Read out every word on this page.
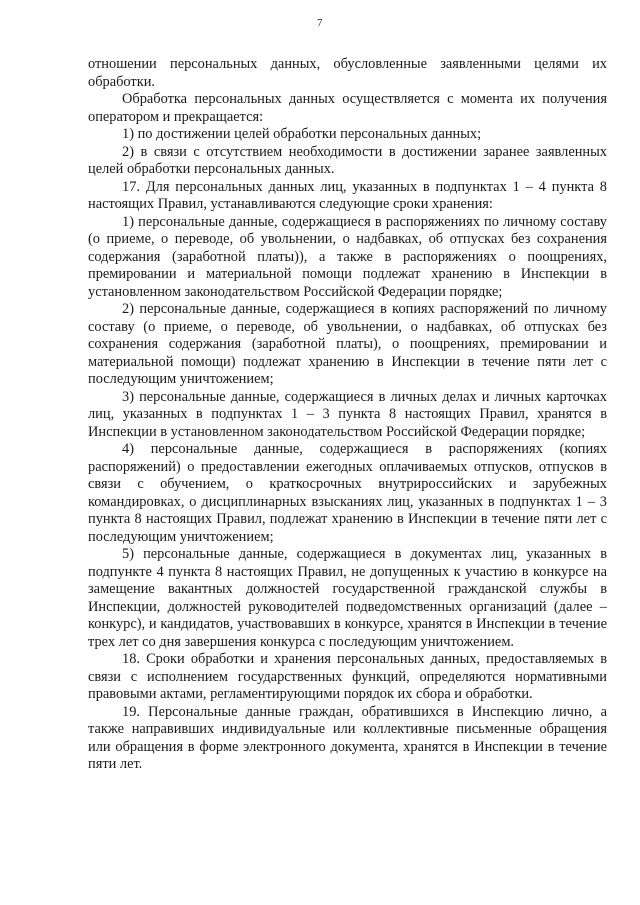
7

отношении персональных данных, обусловленные заявленными целями их обработки.

Обработка персональных данных осуществляется с момента их получения оператором и прекращается:

1) по достижении целей обработки персональных данных;

2) в связи с отсутствием необходимости в достижении заранее заявленных целей обработки персональных данных.

17. Для персональных данных лиц, указанных в подпунктах 1 – 4 пункта 8 настоящих Правил, устанавливаются следующие сроки хранения:

1) персональные данные, содержащиеся в распоряжениях по личному составу (о приеме, о переводе, об увольнении, о надбавках, об отпусках без сохранения содержания (заработной платы)), а также в распоряжениях о поощрениях, премировании и материальной помощи подлежат хранению в Инспекции в установленном законодательством Российской Федерации порядке;

2) персональные данные, содержащиеся в копиях распоряжений по личному составу (о приеме, о переводе, об увольнении, о надбавках, об отпусках без сохранения содержания (заработной платы), о поощрениях, премировании и материальной помощи) подлежат хранению в Инспекции в течение пяти лет с последующим уничтожением;

3) персональные данные, содержащиеся в личных делах и личных карточках лиц, указанных в подпунктах 1 – 3 пункта 8 настоящих Правил, хранятся в Инспекции в установленном законодательством Российской Федерации порядке;

4) персональные данные, содержащиеся в распоряжениях (копиях распоряжений) о предоставлении ежегодных оплачиваемых отпусков, отпусков в связи с обучением, о краткосрочных внутрироссийских и зарубежных командировках, о дисциплинарных взысканиях лиц, указанных в подпунктах 1 – 3 пункта 8 настоящих Правил, подлежат хранению в Инспекции в течение пяти лет с последующим уничтожением;

5) персональные данные, содержащиеся в документах лиц, указанных в подпункте 4 пункта 8 настоящих Правил, не допущенных к участию в конкурсе на замещение вакантных должностей государственной гражданской службы в Инспекции, должностей руководителей подведомственных организаций (далее – конкурс), и кандидатов, участвовавших в конкурсе, хранятся в Инспекции в течение трех лет со дня завершения конкурса с последующим уничтожением.

18. Сроки обработки и хранения персональных данных, предоставляемых в связи с исполнением государственных функций, определяются нормативными правовыми актами, регламентирующими порядок их сбора и обработки.

19. Персональные данные граждан, обратившихся в Инспекцию лично, а также направивших индивидуальные или коллективные письменные обращения или обращения в форме электронного документа, хранятся в Инспекции в течение пяти лет.
